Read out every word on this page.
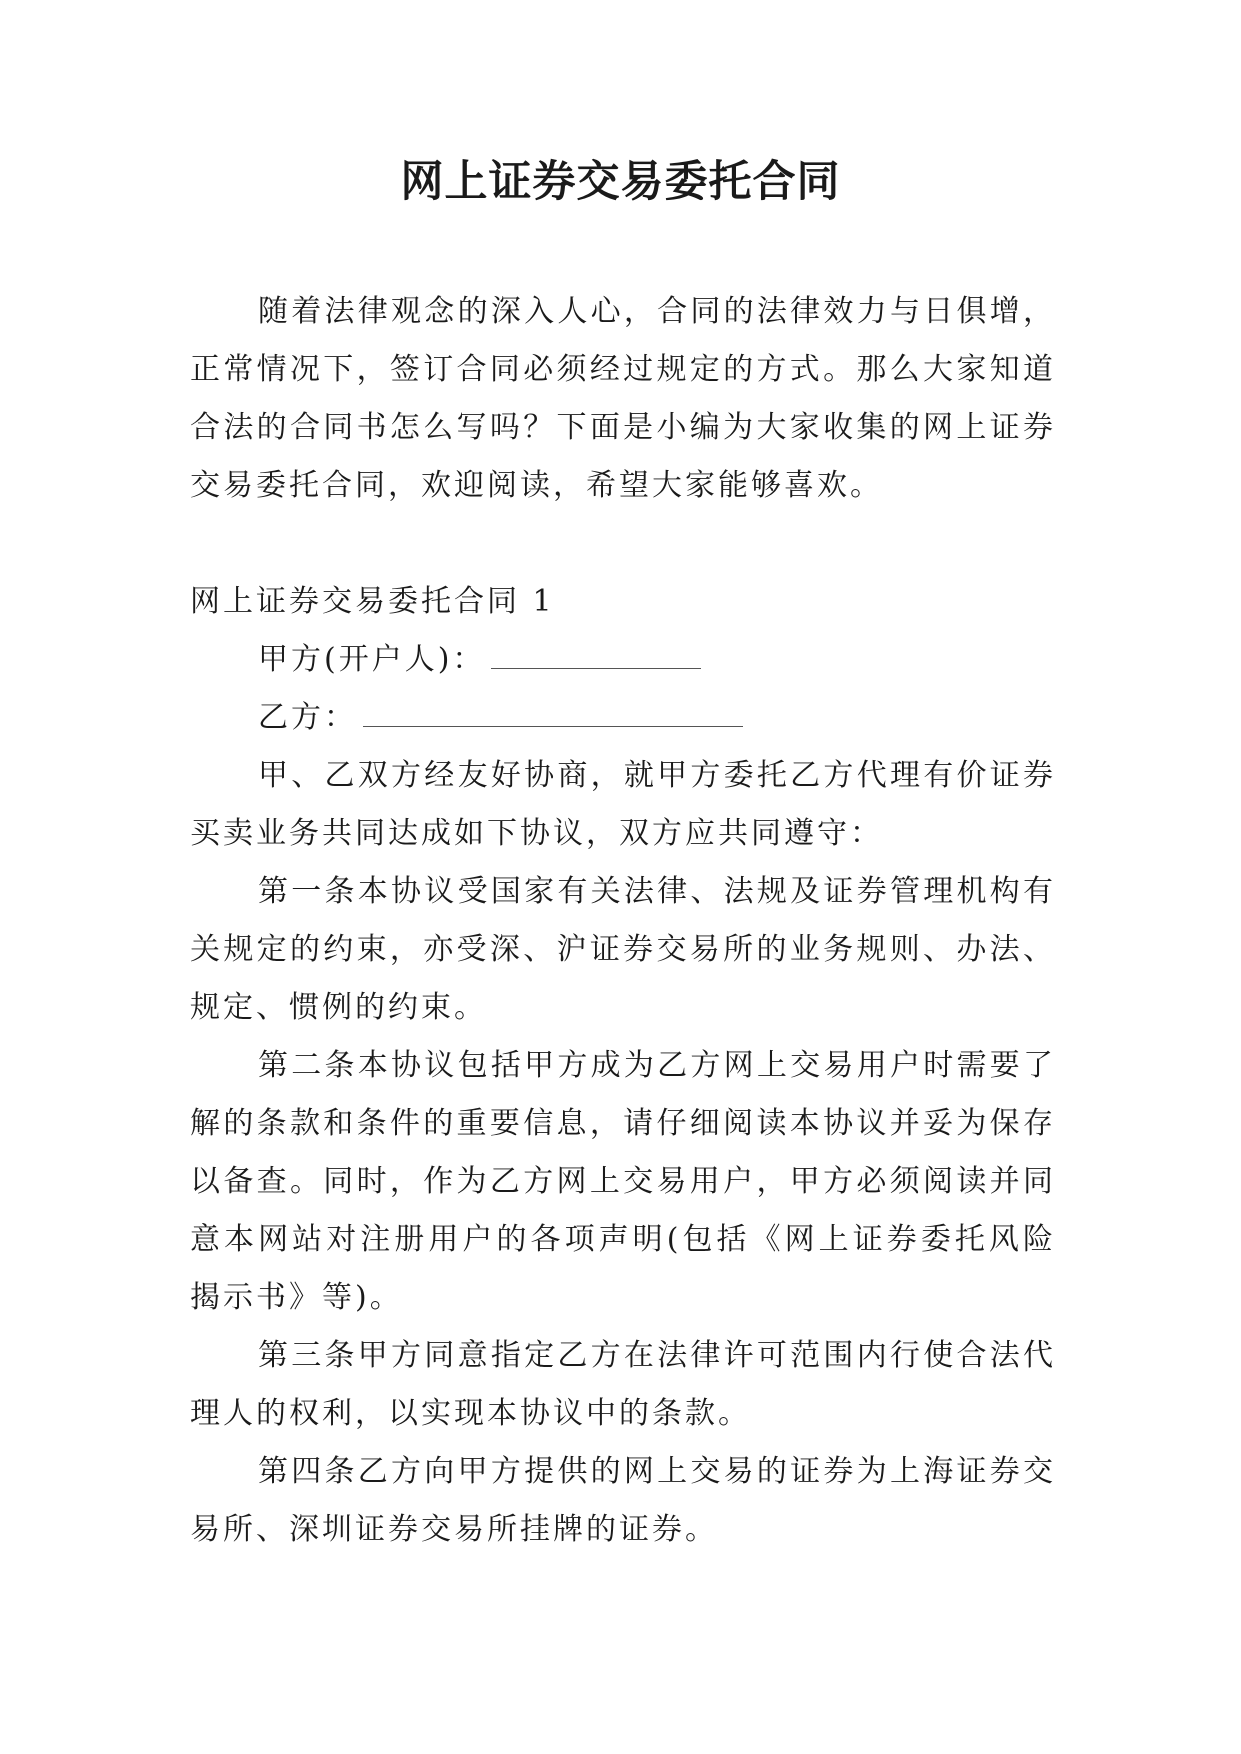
网上证券交易委托合同

随着法律观念的深入人心，合同的法律效力与日俱增，正常情况下，签订合同必须经过规定的方式。那么大家知道合法的合同书怎么写吗？下面是小编为大家收集的网上证券交易委托合同，欢迎阅读，希望大家能够喜欢。

网上证券交易委托合同 1

甲方(开户人)：

乙方：

甲、乙双方经友好协商，就甲方委托乙方代理有价证券买卖业务共同达成如下协议，双方应共同遵守：

第一条本协议受国家有关法律、法规及证券管理机构有关规定的约束，亦受深、沪证券交易所的业务规则、办法、规定、惯例的约束。

第二条本协议包括甲方成为乙方网上交易用户时需要了解的条款和条件的重要信息，请仔细阅读本协议并妥为保存以备查。同时，作为乙方网上交易用户，甲方必须阅读并同意本网站对注册用户的各项声明(包括《网上证券委托风险揭示书》等)。

第三条甲方同意指定乙方在法律许可范围内行使合法代理人的权利，以实现本协议中的条款。

第四条乙方向甲方提供的网上交易的证券为上海证券交易所、深圳证券交易所挂牌的证券。
